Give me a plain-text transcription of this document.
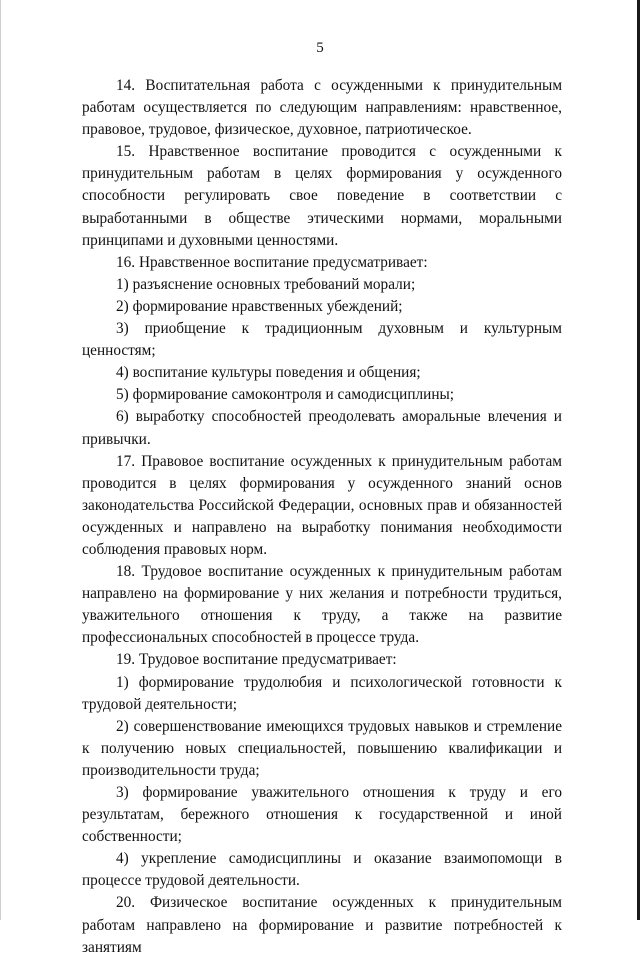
5

14. Воспитательная работа с осужденными к принудительным работам осуществляется по следующим направлениям: нравственное, правовое, трудовое, физическое, духовное, патриотическое.

15. Нравственное воспитание проводится с осужденными к принудительным работам в целях формирования у осужденного способности регулировать свое поведение в соответствии с выработанными в обществе этическими нормами, моральными принципами и духовными ценностями.

16. Нравственное воспитание предусматривает:

1) разъяснение основных требований морали;

2) формирование нравственных убеждений;

3) приобщение к традиционным духовным и культурным ценностям;

4) воспитание культуры поведения и общения;

5) формирование самоконтроля и самодисциплины;

6) выработку способностей преодолевать аморальные влечения и привычки.

17. Правовое воспитание осужденных к принудительным работам проводится в целях формирования у осужденного знаний основ законодательства Российской Федерации, основных прав и обязанностей осужденных и направлено на выработку понимания необходимости соблюдения правовых норм.

18. Трудовое воспитание осужденных к принудительным работам направлено на формирование у них желания и потребности трудиться, уважительного отношения к труду, а также на развитие профессиональных способностей в процессе труда.

19. Трудовое воспитание предусматривает:

1) формирование трудолюбия и психологической готовности к трудовой деятельности;

2) совершенствование имеющихся трудовых навыков и стремление к получению новых специальностей, повышению квалификации и производительности труда;

3) формирование уважительного отношения к труду и его результатам, бережного отношения к государственной и иной собственности;

4) укрепление самодисциплины и оказание взаимопомощи в процессе трудовой деятельности.

20. Физическое воспитание осужденных к принудительным работам направлено на формирование и развитие потребностей к занятиям
